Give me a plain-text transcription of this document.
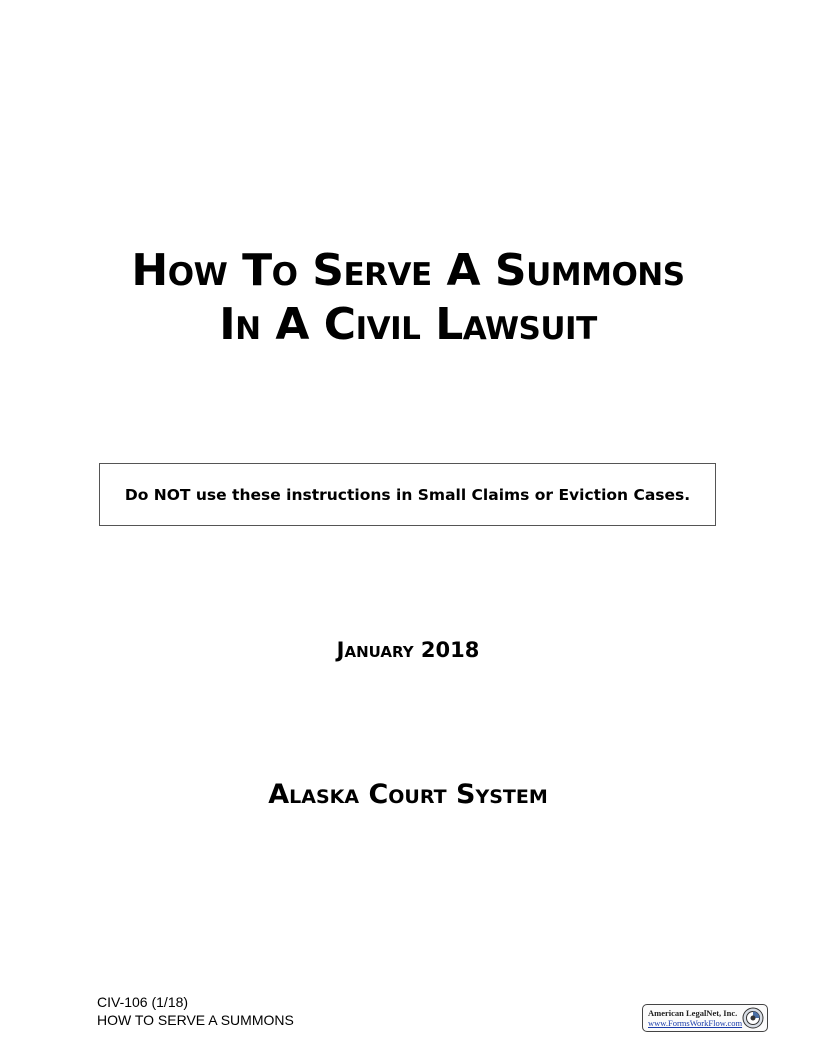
How To Serve A Summons
In A Civil Lawsuit
Do NOT use these instructions in Small Claims or Eviction Cases.
January 2018
Alaska Court System
CIV-106 (1/18)
HOW TO SERVE A SUMMONS	American LegalNet, Inc.
www.FormsWorkFlow.com
